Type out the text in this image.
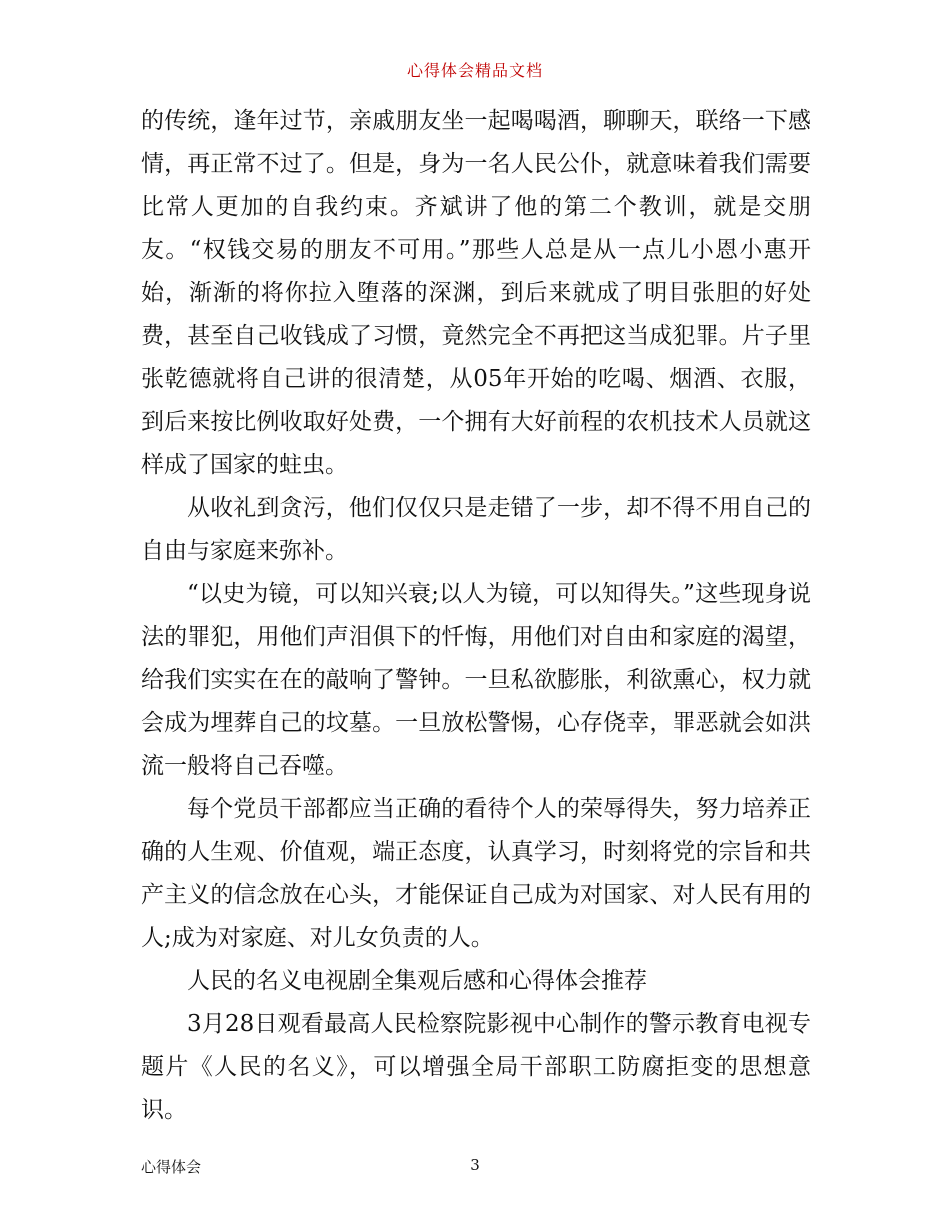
心得体会精品文档

的传统，逢年过节，亲戚朋友坐一起喝喝酒，聊聊天，联络一下感情，再正常不过了。但是，身为一名人民公仆，就意味着我们需要比常人更加的自我约束。齐斌讲了他的第二个教训，就是交朋友。“权钱交易的朋友不可用。”那些人总是从一点儿小恩小惠开始，渐渐的将你拉入堕落的深渊，到后来就成了明目张胆的好处费，甚至自己收钱成了习惯，竟然完全不再把这当成犯罪。片子里张乾德就将自己讲的很清楚，从05年开始的吃喝、烟酒、衣服，到后来按比例收取好处费，一个拥有大好前程的农机技术人员就这样成了国家的蛀虫。

从收礼到贪污，他们仅仅只是走错了一步，却不得不用自己的自由与家庭来弥补。

“以史为镜，可以知兴衰;以人为镜，可以知得失。”这些现身说法的罪犯，用他们声泪俱下的忏悔，用他们对自由和家庭的渴望，给我们实实在在的敲响了警钟。一旦私欲膨胀，利欲熏心，权力就会成为埋葬自己的坟墓。一旦放松警惕，心存侥幸，罪恶就会如洪流一般将自己吞噬。

每个党员干部都应当正确的看待个人的荣辱得失，努力培养正确的人生观、价值观，端正态度，认真学习，时刻将党的宗旨和共产主义的信念放在心头，才能保证自己成为对国家、对人民有用的人;成为对家庭、对儿女负责的人。

人民的名义电视剧全集观后感和心得体会推荐

3月28日观看最高人民检察院影视中心制作的警示教育电视专题片《人民的名义》，可以增强全局干部职工防腐拒变的思想意识。

心得体会	3
